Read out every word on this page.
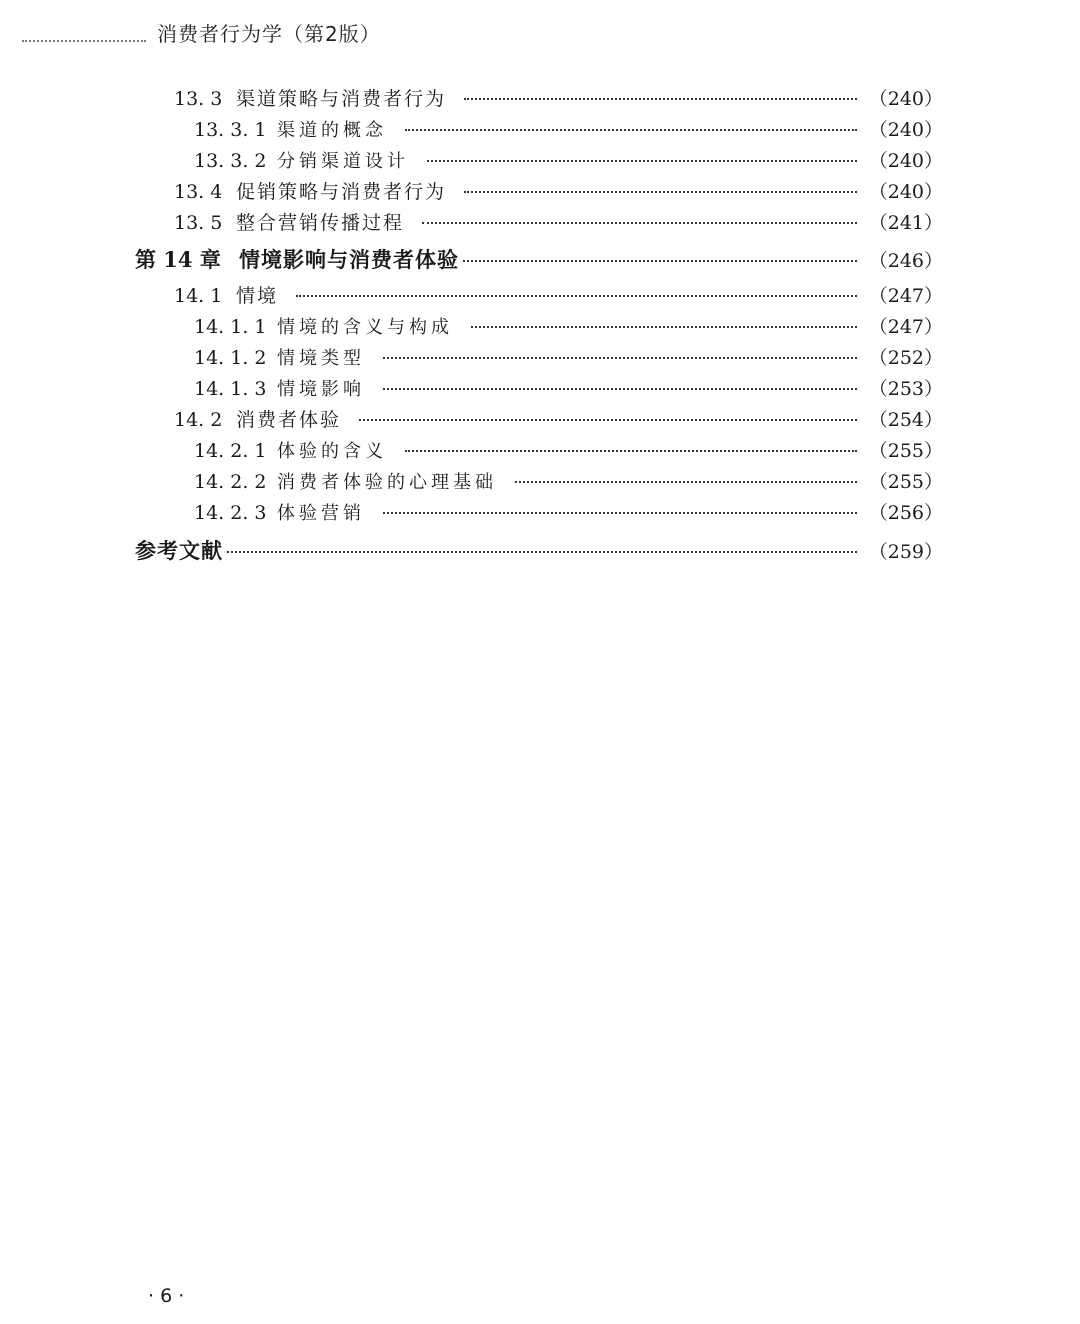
消费者行为学（第2版）
13. 3 渠道策略与消费者行为	（240）
13. 3. 1 渠道的概念	（240）
13. 3. 2 分销渠道设计	（240）
13. 4 促销策略与消费者行为	（240）
13. 5 整合营销传播过程	（241）
第 14 章 情境影响与消费者体验	（246）
14. 1 情境	（247）
14. 1. 1 情境的含义与构成	（247）
14. 1. 2 情境类型	（252）
14. 1. 3 情境影响	（253）
14. 2 消费者体验	（254）
14. 2. 1 体验的含义	（255）
14. 2. 2 消费者体验的心理基础	（255）
14. 2. 3 体验营销	（256）
参考文献	（259）
· 6 ·
